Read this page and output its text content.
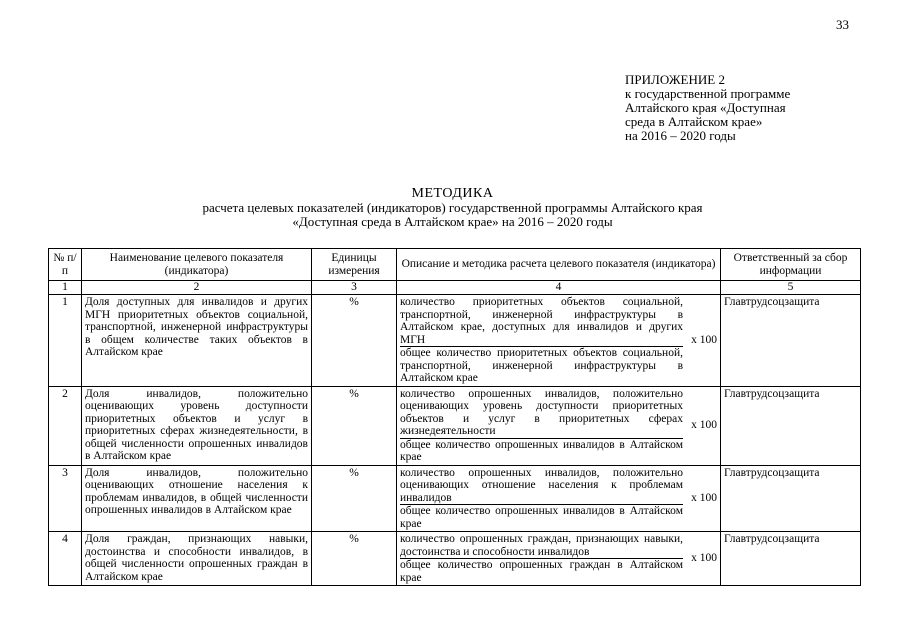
33
ПРИЛОЖЕНИЕ 2
к государственной программе
Алтайского края «Доступная
среда в Алтайском крае»
на 2016 – 2020 годы
МЕТОДИКА
расчета целевых показателей (индикаторов) государственной программы Алтайского края
«Доступная среда в Алтайском крае» на 2016 – 2020 годы
№ п/п	Наименование целевого показателя (индикатора)	Единицы измерения	Описание и методика расчета целевого показателя (индикатора)	Ответственный за сбор информации
1	2	3	4	5
1	Доля доступных для инвалидов и других МГН приоритетных объектов социальной, транспортной, инженерной инфраструктуры в общем количестве таких объектов в Алтайском крае	%	количество приоритетных объектов социальной, транспортной, инженерной инфраструктуры в Алтайском крае, доступных для инвалидов и других МГН
общее количество приоритетных объектов социальной, транспортной, инженерной инфраструктуры в Алтайском крае
x 100	Главтрудсоцзащита
2	Доля инвалидов, положительно оценивающих уровень доступности приоритетных объектов и услуг в приоритетных сферах жизнедеятельности, в общей численности опрошенных инвалидов в Алтайском крае	%	количество опрошенных инвалидов, положительно оценивающих уровень доступности приоритетных объектов и услуг в приоритетных сферах жизнедеятельности
общее количество опрошенных инвалидов в Алтайском крае
x 100	Главтрудсоцзащита
3	Доля инвалидов, положительно оценивающих отношение населения к проблемам инвалидов, в общей численности опрошенных инвалидов в Алтайском крае	%	количество опрошенных инвалидов, положительно оценивающих отношение населения к проблемам инвалидов
общее количество опрошенных инвалидов в Алтайском крае
x 100	Главтрудсоцзащита
4	Доля граждан, признающих навыки, достоинства и способности инвалидов, в общей численности опрошенных граждан в Алтайском крае	%	количество опрошенных граждан, признающих навыки, достоинства и способности инвалидов
общее количество опрошенных граждан в Алтайском крае
x 100	Главтрудсоцзащита
